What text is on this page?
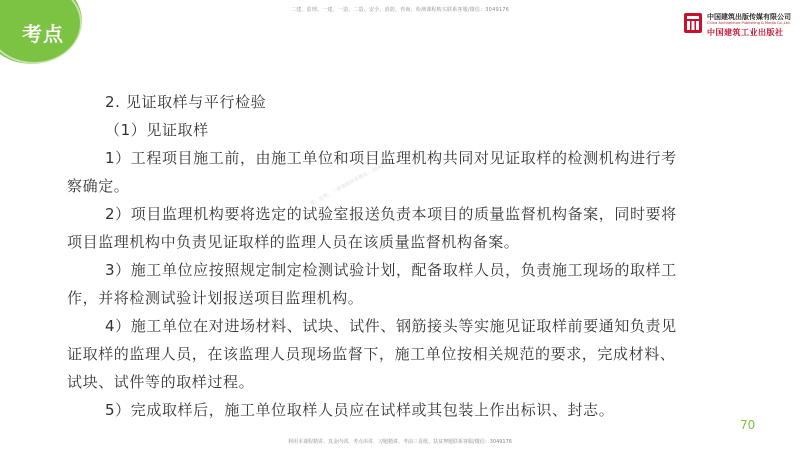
考点
二建、监理、一建、一造、二造、安全、消防、咨询、检测课程购买联系客服/微信：304917​6
中国建筑出版传媒有限公司
China Architecture Publishing & Media Co.,Ltd.
中国建筑工业出版社
二建、监理、一建课程联系微信：3049176
2. 见证取样与平行检验
（1）见证取样
1）工程项目施工前，由施工单位和项目监理机构共同对见证取样的检测机构进行考
察确定。
2）项目监理机构要将选定的试验室报送负责本项目的质量监督机构备案，同时要将
项目监理机构中负责见证取样的监理人员在该质量监督机构备案。
3）施工单位应按照规定制定检测试验计划，配备取样人员，负责施工现场的取样工
作，并将检测试验计划报送项目监理机构。
4）施工单位在对进场材料、试块、试件、钢筋接头等实施见证取样前要通知负责见
证取样的监理人员，在该监理人员现场监督下，施工单位按相关规范的要求，完成材料、
试块、试件等的取样过程。
5）完成取样后，施工单位取样人员应在试样或其包装上作出标识、封志。
70
利用本课程精讲、真金内训、考点串讲、习题精讲、考前三页纸、扶贫押题联系客服/微信：3049176
